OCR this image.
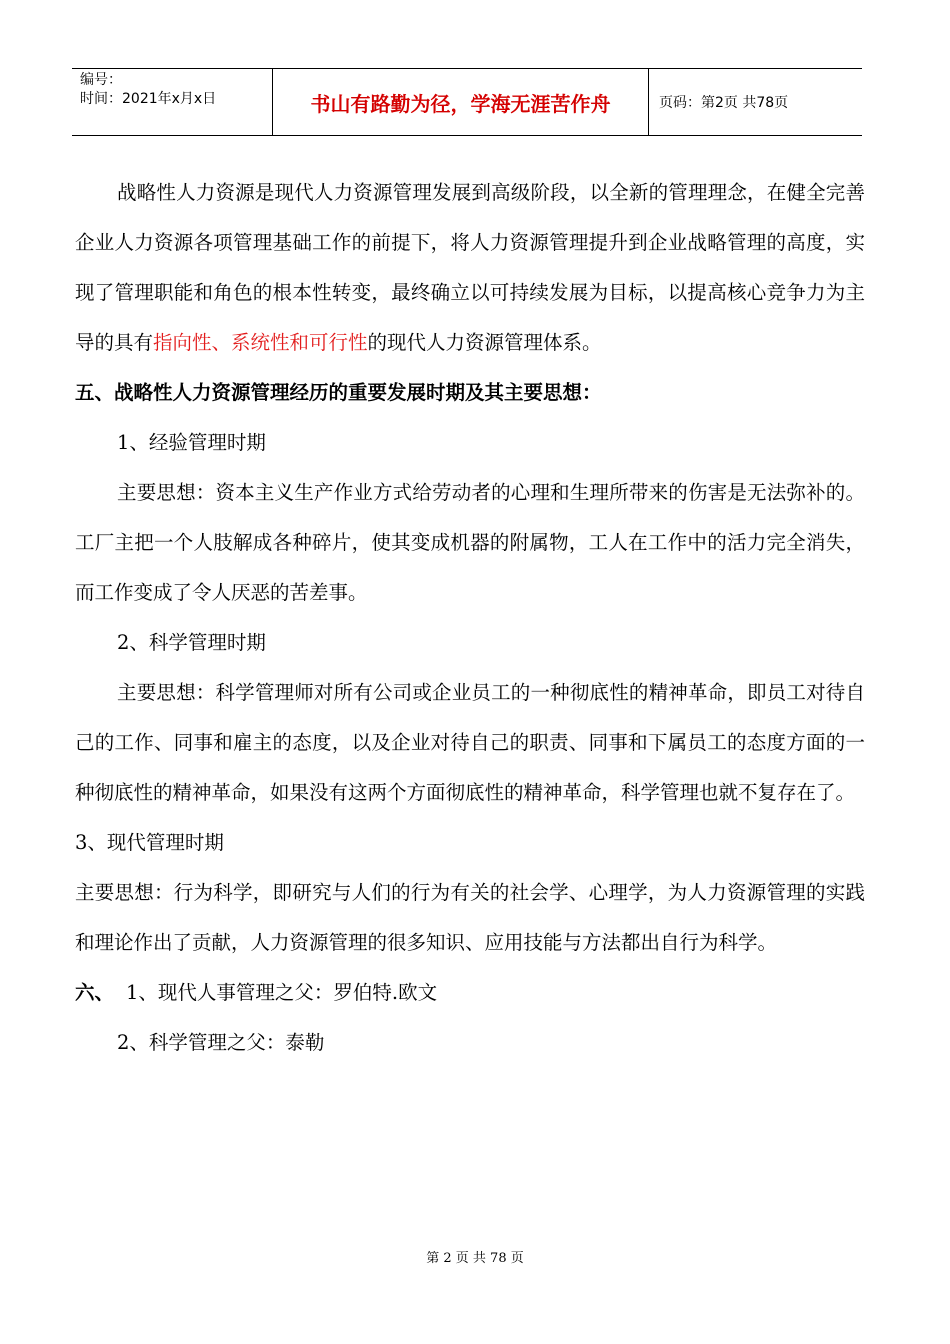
编号：
时间：2021年x月x日	书山有路勤为径，学海无涯苦作舟	页码：第2页 共78页

战略性人力资源是现代人力资源管理发展到高级阶段，以全新的管理理念，在健全完善企业人力资源各项管理基础工作的前提下，将人力资源管理提升到企业战略管理的高度，实现了管理职能和角色的根本性转变，最终确立以可持续发展为目标，以提高核心竞争力为主导的具有指向性、系统性和可行性的现代人力资源管理体系。

五、战略性人力资源管理经历的重要发展时期及其主要思想：

1、经验管理时期

主要思想：资本主义生产作业方式给劳动者的心理和生理所带来的伤害是无法弥补的。工厂主把一个人肢解成各种碎片，使其变成机器的附属物，工人在工作中的活力完全消失，而工作变成了令人厌恶的苦差事。

2、科学管理时期

主要思想：科学管理师对所有公司或企业员工的一种彻底性的精神革命，即员工对待自己的工作、同事和雇主的态度，以及企业对待自己的职责、同事和下属员工的态度方面的一种彻底性的精神革命，如果没有这两个方面彻底性的精神革命，科学管理也就不复存在了。

3、现代管理时期

主要思想：行为科学，即研究与人们的行为有关的社会学、心理学，为人力资源管理的实践和理论作出了贡献，人力资源管理的很多知识、应用技能与方法都出自行为科学。

六、 1、现代人事管理之父：罗伯特.欧文

2、科学管理之父：泰勒

第 2 页 共 78 页
